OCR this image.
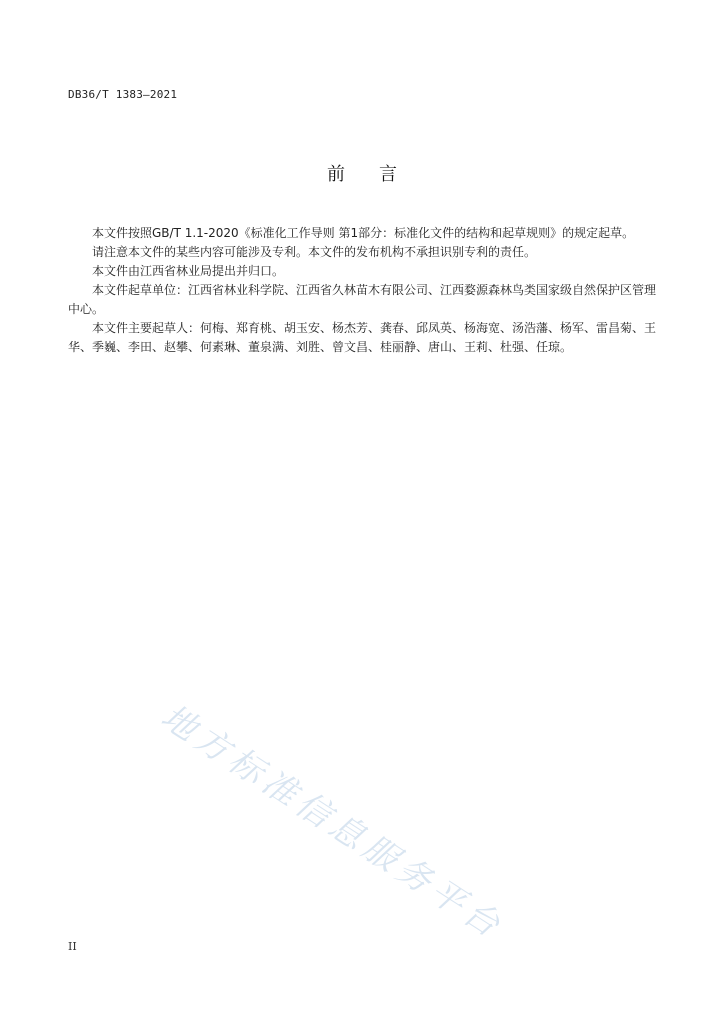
DB36/T 1383—2021
前言

本文件按照GB/T 1.1-2020《标准化工作导则 第1部分：标准化文件的结构和起草规则》的规定起草。

请注意本文件的某些内容可能涉及专利。本文件的发布机构不承担识别专利的责任。

本文件由江西省林业局提出并归口。

本文件起草单位：江西省林业科学院、江西省久林苗木有限公司、江西婺源森林鸟类国家级自然保护区管理中心。

本文件主要起草人：何梅、郑育桃、胡玉安、杨杰芳、龚春、邱凤英、杨海宽、汤浩藩、杨军、雷昌菊、王华、季巍、李田、赵攀、何素琳、董泉满、刘胜、曾文昌、桂丽静、唐山、王莉、杜强、任琼。

地方标准信息服务平台
II
